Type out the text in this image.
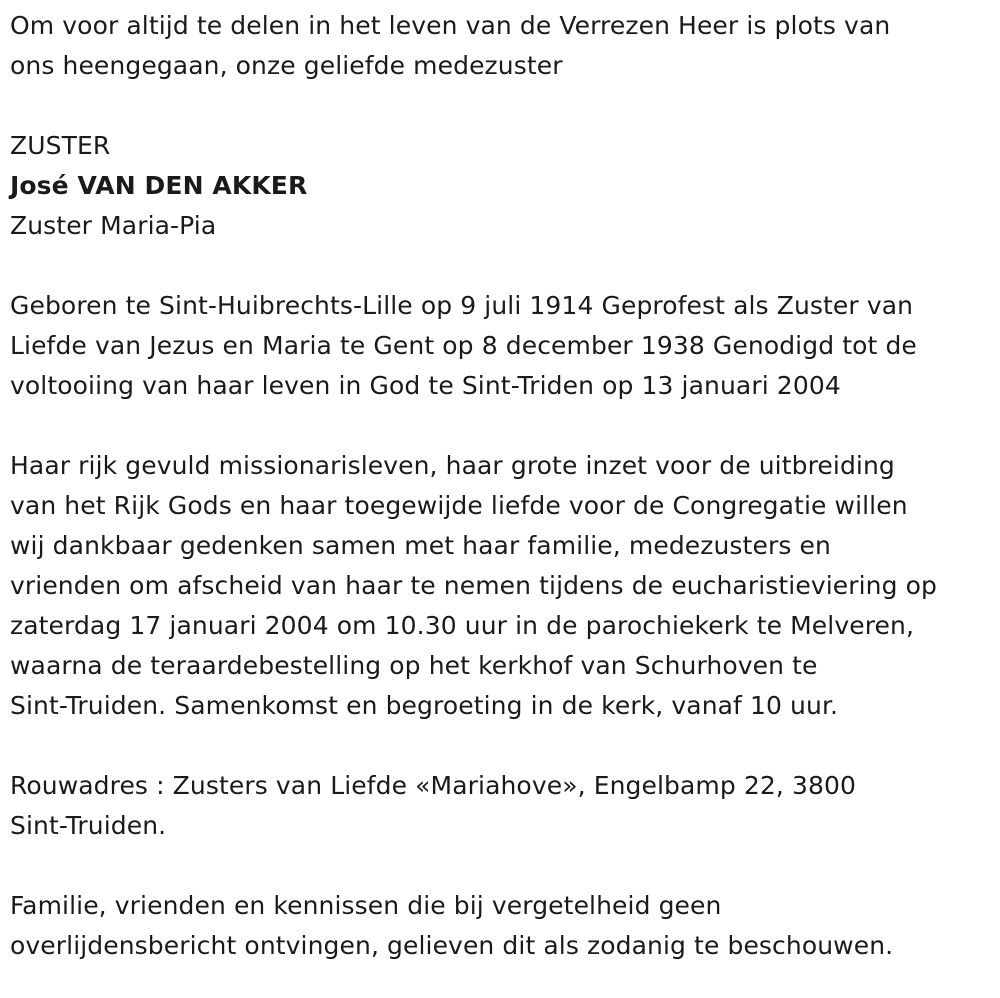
Om voor altijd te delen in het leven van de Verrezen Heer is plots van
ons heengegaan, onze geliefde medezuster

ZUSTER
José VAN DEN AKKER
Zuster Maria-Pia

Geboren te Sint-Huibrechts-Lille op 9 juli 1914 Geprofest als Zuster van
Liefde van Jezus en Maria te Gent op 8 december 1938 Genodigd tot de
voltooiing van haar leven in God te Sint-Triden op 13 januari 2004

Haar rijk gevuld missionarisleven, haar grote inzet voor de uitbreiding
van het Rijk Gods en haar toegewijde liefde voor de Congregatie willen
wij dankbaar gedenken samen met haar familie, medezusters en
vrienden om afscheid van haar te nemen tijdens de eucharistieviering op
zaterdag 17 januari 2004 om 10.30 uur in de parochiekerk te Melveren,
waarna de teraardebestelling op het kerkhof van Schurhoven te
Sint-Truiden. Samenkomst en begroeting in de kerk, vanaf 10 uur.

Rouwadres : Zusters van Liefde «Mariahove», Engelbamp 22, 3800
Sint-Truiden.

Familie, vrienden en kennissen die bij vergetelheid geen
overlijdensbericht ontvingen, gelieven dit als zodanig te beschouwen.
